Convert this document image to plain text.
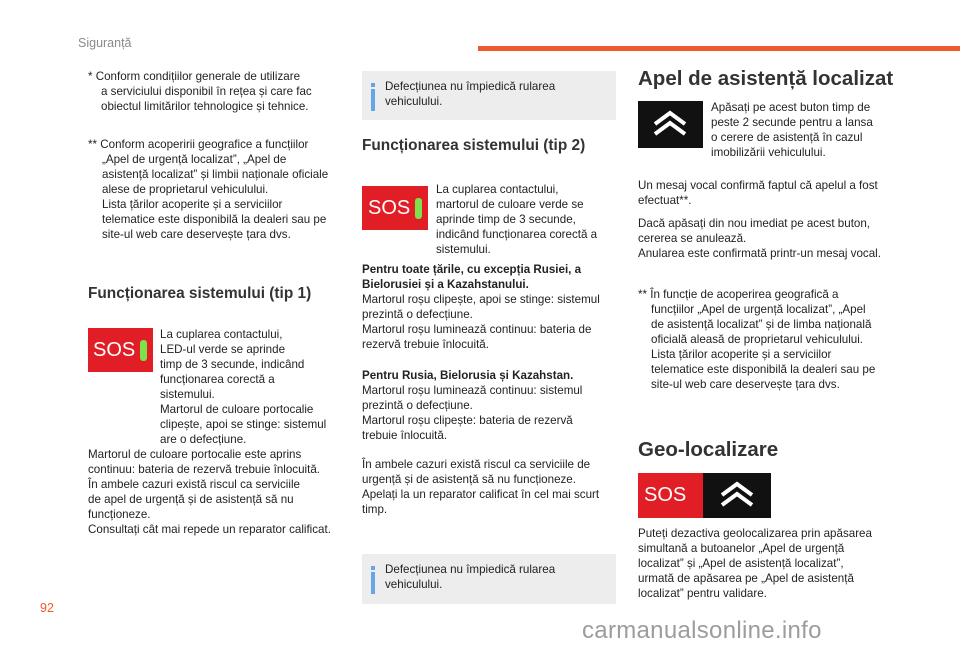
Siguranță
* Conform condițiilor generale de utilizare
a serviciului disponibil în rețea și care fac
obiectul limitărilor tehnologice și tehnice.
** Conform acoperirii geografice a funcțiilor
„Apel de urgență localizat”, „Apel de
asistență localizat” și limbii naționale oficiale
alese de proprietarul vehiculului.
Lista țărilor acoperite și a serviciilor
telematice este disponibilă la dealeri sau pe
site-ul web care deservește țara dvs.
Funcționarea sistemului (tip 1)
SOS
La cuplarea contactului,
LED-ul verde se aprinde
timp de 3 secunde, indicând
funcționarea corectă a
sistemului.
Martorul de culoare portocalie
clipește, apoi se stinge: sistemul
are o defecțiune.
Martorul de culoare portocalie este aprins
continuu: bateria de rezervă trebuie înlocuită.
În ambele cazuri există riscul ca serviciile
de apel de urgență și de asistență să nu
funcționeze.
Consultați cât mai repede un reparator calificat.
Defecțiunea nu împiedică rularea
vehiculului.
Funcționarea sistemului (tip 2)
SOS
La cuplarea contactului,
martorul de culoare verde se
aprinde timp de 3 secunde,
indicând funcționarea corectă a
sistemului.
Pentru toate țările, cu excepția Rusiei, a
Bielorusiei și a Kazahstanului.
Martorul roșu clipește, apoi se stinge: sistemul
prezintă o defecțiune.
Martorul roșu luminează continuu: bateria de
rezervă trebuie înlocuită.
Pentru Rusia, Bielorusia și Kazahstan.
Martorul roșu luminează continuu: sistemul
prezintă o defecțiune.
Martorul roșu clipește: bateria de rezervă
trebuie înlocuită.
În ambele cazuri există riscul ca serviciile de
urgență și de asistență să nu funcționeze.
Apelați la un reparator calificat în cel mai scurt
timp.
Defecțiunea nu împiedică rularea
vehiculului.
Apel de asistență localizat
Apăsați pe acest buton timp de
peste 2 secunde pentru a lansa
o cerere de asistență în cazul
imobilizării vehiculului.
Un mesaj vocal confirmă faptul că apelul a fost
efectuat**.
Dacă apăsați din nou imediat pe acest buton,
cererea se anulează.
Anularea este confirmată printr-un mesaj vocal.
** În funcție de acoperirea geografică a
funcțiilor „Apel de urgență localizat”, „Apel
de asistență localizat” și de limba națională
oficială aleasă de proprietarul vehiculului.
Lista țărilor acoperite și a serviciilor
telematice este disponibilă la dealeri sau pe
site-ul web care deservește țara dvs.
Geo-localizare
SOS
Puteți dezactiva geolocalizarea prin apăsarea
simultană a butoanelor „Apel de urgență
localizat” și „Apel de asistență localizat”,
urmată de apăsarea pe „Apel de asistență
localizat” pentru validare.
92
carmanualsonline.info
